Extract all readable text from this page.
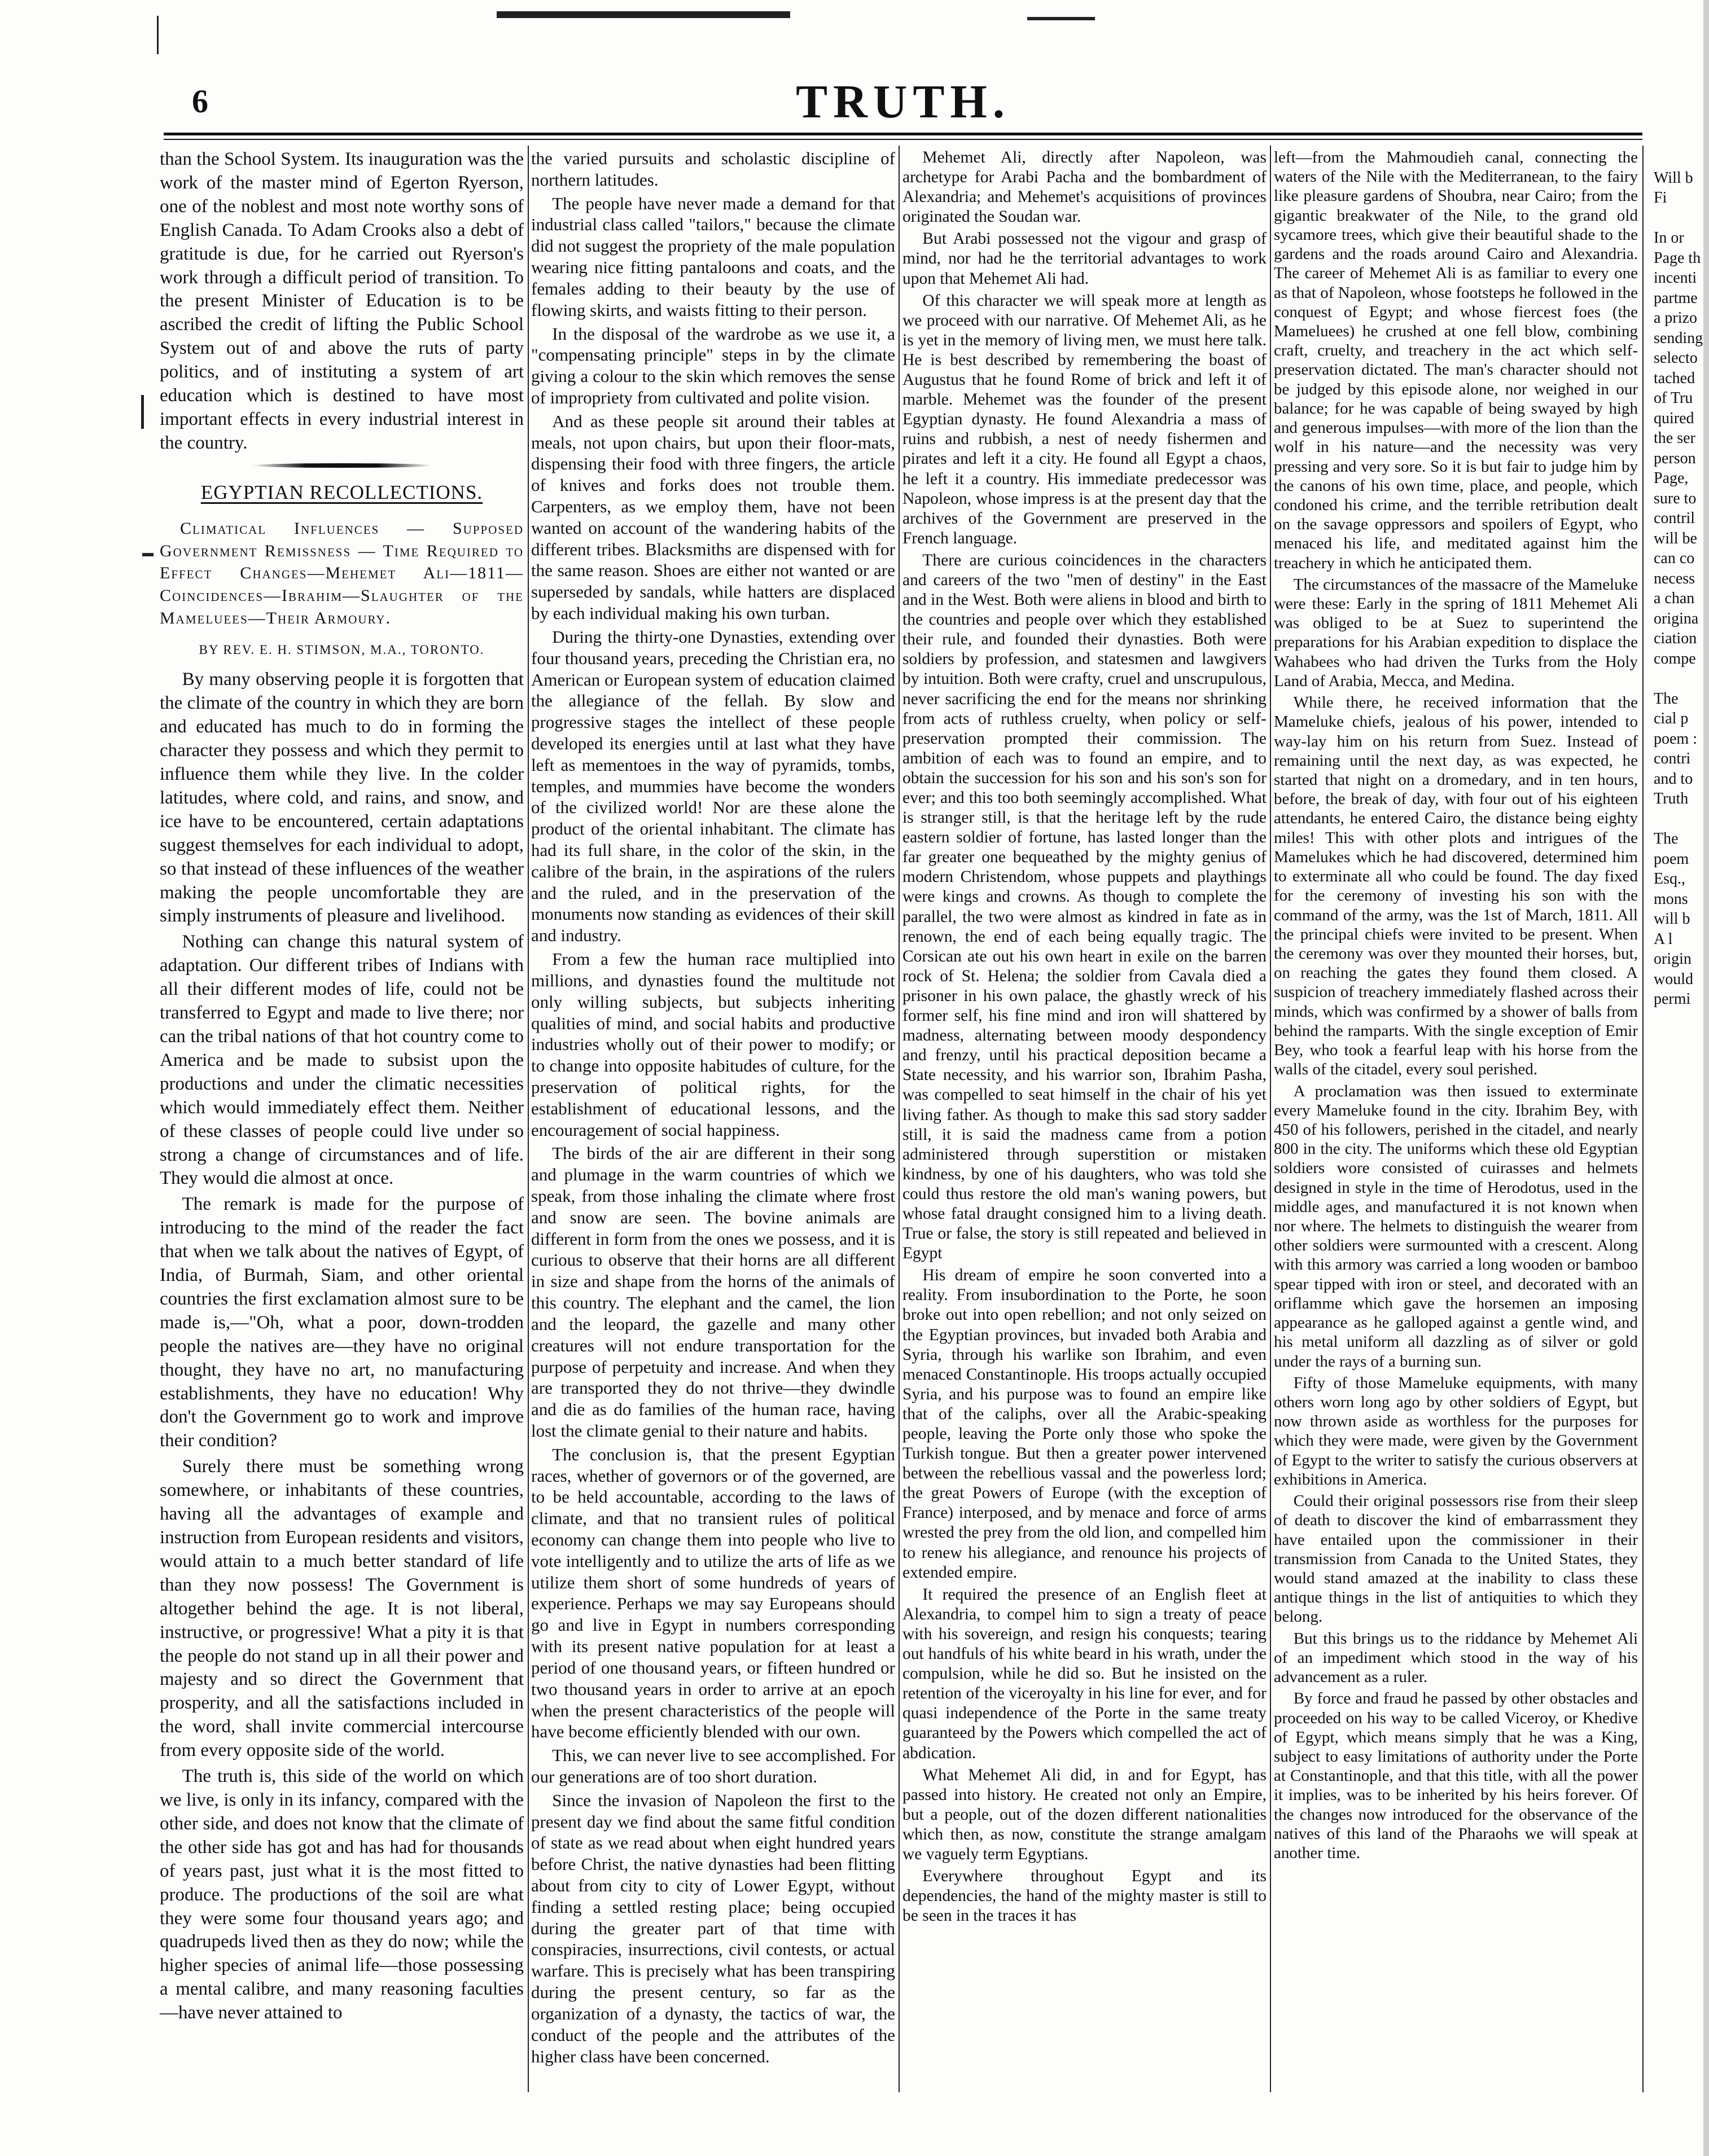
6	TRUTH.

than the School System. Its inauguration was the work of the master mind of Egerton Ryerson, one of the noblest and most note worthy sons of English Canada. To Adam Crooks also a debt of gratitude is due, for he carried out Ryerson's work through a difficult period of transition. To the present Minister of Education is to be ascribed the credit of lifting the Public School System out of and above the ruts of party politics, and of instituting a system of art education which is destined to have most important effects in every industrial interest in the country.

EGYPTIAN RECOLLECTIONS.
Climatical Influences — Supposed Government Remissness — Time Required to Effect Changes—Mehemet Ali—1811—Coincidences—Ibrahim—Slaughter of the Mameluees—Their Armoury.
BY REV. E. H. STIMSON, M.A., TORONTO.

By many observing people it is forgotten that the climate of the country in which they are born and educated has much to do in forming the character they possess and which they permit to influence them while they live. In the colder latitudes, where cold, and rains, and snow, and ice have to be encountered, certain adaptations suggest themselves for each individual to adopt, so that instead of these influences of the weather making the people uncomfortable they are simply instruments of pleasure and livelihood.

Nothing can change this natural system of adaptation. Our different tribes of Indians with all their different modes of life, could not be transferred to Egypt and made to live there; nor can the tribal nations of that hot country come to America and be made to subsist upon the productions and under the climatic necessities which would immediately effect them. Neither of these classes of people could live under so strong a change of circumstances and of life. They would die almost at once.

The remark is made for the purpose of introducing to the mind of the reader the fact that when we talk about the natives of Egypt, of India, of Burmah, Siam, and other oriental countries the first exclamation almost sure to be made is,—"Oh, what a poor, down-trodden people the natives are—they have no original thought, they have no art, no manufacturing establishments, they have no education! Why don't the Government go to work and improve their condition?

Surely there must be something wrong somewhere, or inhabitants of these countries, having all the advantages of example and instruction from European residents and visitors, would attain to a much better standard of life than they now possess! The Government is altogether behind the age. It is not liberal, instructive, or progressive! What a pity it is that the people do not stand up in all their power and majesty and so direct the Government that prosperity, and all the satisfactions included in the word, shall invite commercial intercourse from every opposite side of the world.

The truth is, this side of the world on which we live, is only in its infancy, compared with the other side, and does not know that the climate of the other side has got and has had for thousands of years past, just what it is the most fitted to produce. The productions of the soil are what they were some four thousand years ago; and quadrupeds lived then as they do now; while the higher species of animal life—those possessing a mental calibre, and many reasoning faculties—have never attained to

the varied pursuits and scholastic discipline of northern latitudes.

The people have never made a demand for that industrial class called "tailors," because the climate did not suggest the propriety of the male population wearing nice fitting pantaloons and coats, and the females adding to their beauty by the use of flowing skirts, and waists fitting to their person.

In the disposal of the wardrobe as we use it, a "compensating principle" steps in by the climate giving a colour to the skin which removes the sense of impropriety from cultivated and polite vision.

And as these people sit around their tables at meals, not upon chairs, but upon their floor-mats, dispensing their food with three fingers, the article of knives and forks does not trouble them. Carpenters, as we employ them, have not been wanted on account of the wandering habits of the different tribes. Blacksmiths are dispensed with for the same reason. Shoes are either not wanted or are superseded by sandals, while hatters are displaced by each individual making his own turban.

During the thirty-one Dynasties, extending over four thousand years, preceding the Christian era, no American or European system of education claimed the allegiance of the fellah. By slow and progressive stages the intellect of these people developed its energies until at last what they have left as mementoes in the way of pyramids, tombs, temples, and mummies have become the wonders of the civilized world! Nor are these alone the product of the oriental inhabitant. The climate has had its full share, in the color of the skin, in the calibre of the brain, in the aspirations of the rulers and the ruled, and in the preservation of the monuments now standing as evidences of their skill and industry.

From a few the human race multiplied into millions, and dynasties found the multitude not only willing subjects, but subjects inheriting qualities of mind, and social habits and productive industries wholly out of their power to modify; or to change into opposite habitudes of culture, for the preservation of political rights, for the establishment of educational lessons, and the encouragement of social happiness.

The birds of the air are different in their song and plumage in the warm countries of which we speak, from those inhaling the climate where frost and snow are seen. The bovine animals are different in form from the ones we possess, and it is curious to observe that their horns are all different in size and shape from the horns of the animals of this country. The elephant and the camel, the lion and the leopard, the gazelle and many other creatures will not endure transportation for the purpose of perpetuity and increase. And when they are transported they do not thrive—they dwindle and die as do families of the human race, having lost the climate genial to their nature and habits.

The conclusion is, that the present Egyptian races, whether of governors or of the governed, are to be held accountable, according to the laws of climate, and that no transient rules of political economy can change them into people who live to vote intelligently and to utilize the arts of life as we utilize them short of some hundreds of years of experience. Perhaps we may say Europeans should go and live in Egypt in numbers corresponding with its present native population for at least a period of one thousand years, or fifteen hundred or two thousand years in order to arrive at an epoch when the present characteristics of the people will have become efficiently blended with our own.

This, we can never live to see accomplished. For our generations are of too short duration.

Since the invasion of Napoleon the first to the present day we find about the same fitful condition of state as we read about when eight hundred years before Christ, the native dynasties had been flitting about from city to city of Lower Egypt, without finding a settled resting place; being occupied during the greater part of that time with conspiracies, insurrections, civil contests, or actual warfare. This is precisely what has been transpiring during the present century, so far as the organization of a dynasty, the tactics of war, the conduct of the people and the attributes of the higher class have been concerned.

Mehemet Ali, directly after Napoleon, was archetype for Arabi Pacha and the bombardment of Alexandria; and Mehemet's acquisitions of provinces originated the Soudan war.

But Arabi possessed not the vigour and grasp of mind, nor had he the territorial advantages to work upon that Mehemet Ali had.

Of this character we will speak more at length as we proceed with our narrative. Of Mehemet Ali, as he is yet in the memory of living men, we must here talk. He is best described by remembering the boast of Augustus that he found Rome of brick and left it of marble. Mehemet was the founder of the present Egyptian dynasty. He found Alexandria a mass of ruins and rubbish, a nest of needy fishermen and pirates and left it a city. He found all Egypt a chaos, he left it a country. His immediate predecessor was Napoleon, whose impress is at the present day that the archives of the Government are preserved in the French language.

There are curious coincidences in the characters and careers of the two "men of destiny" in the East and in the West. Both were aliens in blood and birth to the countries and people over which they established their rule, and founded their dynasties. Both were soldiers by profession, and statesmen and lawgivers by intuition. Both were crafty, cruel and unscrupulous, never sacrificing the end for the means nor shrinking from acts of ruthless cruelty, when policy or self-preservation prompted their commission. The ambition of each was to found an empire, and to obtain the succession for his son and his son's son for ever; and this too both seemingly accomplished. What is stranger still, is that the heritage left by the rude eastern soldier of fortune, has lasted longer than the far greater one bequeathed by the mighty genius of modern Christendom, whose puppets and playthings were kings and crowns. As though to complete the parallel, the two were almost as kindred in fate as in renown, the end of each being equally tragic. The Corsican ate out his own heart in exile on the barren rock of St. Helena; the soldier from Cavala died a prisoner in his own palace, the ghastly wreck of his former self, his fine mind and iron will shattered by madness, alternating between moody despondency and frenzy, until his practical deposition became a State necessity, and his warrior son, Ibrahim Pasha, was compelled to seat himself in the chair of his yet living father. As though to make this sad story sadder still, it is said the madness came from a potion administered through superstition or mistaken kindness, by one of his daughters, who was told she could thus restore the old man's waning powers, but whose fatal draught consigned him to a living death. True or false, the story is still repeated and believed in Egypt

His dream of empire he soon converted into a reality. From insubordination to the Porte, he soon broke out into open rebellion; and not only seized on the Egyptian provinces, but invaded both Arabia and Syria, through his warlike son Ibrahim, and even menaced Constantinople. His troops actually occupied Syria, and his purpose was to found an empire like that of the caliphs, over all the Arabic-speaking people, leaving the Porte only those who spoke the Turkish tongue. But then a greater power intervened between the rebellious vassal and the powerless lord; the great Powers of Europe (with the exception of France) interposed, and by menace and force of arms wrested the prey from the old lion, and compelled him to renew his allegiance, and renounce his projects of extended empire.

It required the presence of an English fleet at Alexandria, to compel him to sign a treaty of peace with his sovereign, and resign his conquests; tearing out handfuls of his white beard in his wrath, under the compulsion, while he did so. But he insisted on the retention of the viceroyalty in his line for ever, and for quasi independence of the Porte in the same treaty guaranteed by the Powers which compelled the act of abdication.

What Mehemet Ali did, in and for Egypt, has passed into history. He created not only an Empire, but a people, out of the dozen different nationalities which then, as now, constitute the strange amalgam we vaguely term Egyptians.

Everywhere throughout Egypt and its dependencies, the hand of the mighty master is still to be seen in the traces it has

left—from the Mahmoudieh canal, connecting the waters of the Nile with the Mediterranean, to the fairy like pleasure gardens of Shoubra, near Cairo; from the gigantic breakwater of the Nile, to the grand old sycamore trees, which give their beautiful shade to the gardens and the roads around Cairo and Alexandria. The career of Mehemet Ali is as familiar to every one as that of Napoleon, whose footsteps he followed in the conquest of Egypt; and whose fiercest foes (the Mameluees) he crushed at one fell blow, combining craft, cruelty, and treachery in the act which self-preservation dictated. The man's character should not be judged by this episode alone, nor weighed in our balance; for he was capable of being swayed by high and generous impulses—with more of the lion than the wolf in his nature—and the necessity was very pressing and very sore. So it is but fair to judge him by the canons of his own time, place, and people, which condoned his crime, and the terrible retribution dealt on the savage oppressors and spoilers of Egypt, who menaced his life, and meditated against him the treachery in which he anticipated them.

The circumstances of the massacre of the Mameluke were these: Early in the spring of 1811 Mehemet Ali was obliged to be at Suez to superintend the preparations for his Arabian expedition to displace the Wahabees who had driven the Turks from the Holy Land of Arabia, Mecca, and Medina.

While there, he received information that the Mameluke chiefs, jealous of his power, intended to way-lay him on his return from Suez. Instead of remaining until the next day, as was expected, he started that night on a dromedary, and in ten hours, before, the break of day, with four out of his eighteen attendants, he entered Cairo, the distance being eighty miles! This with other plots and intrigues of the Mamelukes which he had discovered, determined him to exterminate all who could be found. The day fixed for the ceremony of investing his son with the command of the army, was the 1st of March, 1811. All the principal chiefs were invited to be present. When the ceremony was over they mounted their horses, but, on reaching the gates they found them closed. A suspicion of treachery immediately flashed across their minds, which was confirmed by a shower of balls from behind the ramparts. With the single exception of Emir Bey, who took a fearful leap with his horse from the walls of the citadel, every soul perished.

A proclamation was then issued to exterminate every Mameluke found in the city. Ibrahim Bey, with 450 of his followers, perished in the citadel, and nearly 800 in the city. The uniforms which these old Egyptian soldiers wore consisted of cuirasses and helmets designed in style in the time of Herodotus, used in the middle ages, and manufactured it is not known when nor where. The helmets to distinguish the wearer from other soldiers were surmounted with a crescent. Along with this armory was carried a long wooden or bamboo spear tipped with iron or steel, and decorated with an oriflamme which gave the horsemen an imposing appearance as he galloped against a gentle wind, and his metal uniform all dazzling as of silver or gold under the rays of a burning sun.

Fifty of those Mameluke equipments, with many others worn long ago by other soldiers of Egypt, but now thrown aside as worthless for the purposes for which they were made, were given by the Government of Egypt to the writer to satisfy the curious observers at exhibitions in America.

Could their original possessors rise from their sleep of death to discover the kind of embarrassment they have entailed upon the commissioner in their transmission from Canada to the United States, they would stand amazed at the inability to class these antique things in the list of antiquities to which they belong.

But this brings us to the riddance by Mehemet Ali of an impediment which stood in the way of his advancement as a ruler.

By force and fraud he passed by other obstacles and proceeded on his way to be called Viceroy, or Khedive of Egypt, which means simply that he was a King, subject to easy limitations of authority under the Porte at Constantinople, and that this title, with all the power it implies, was to be inherited by his heirs forever. Of the changes now introduced for the observance of the natives of this land of the Pharaohs we will speak at another time.

Will b
Fi
In or
Page th
incenti
partme
a prizo
sending
selecto
tached
of Tru
quired
the ser
person
Page,
sure to
contril
will be
can co
necess
a chan
origina
ciation
compe
The
cial p
poem :
contri
and to
Truth
The
poem
Esq.,
mons
will b
A l
origin
would
permi
